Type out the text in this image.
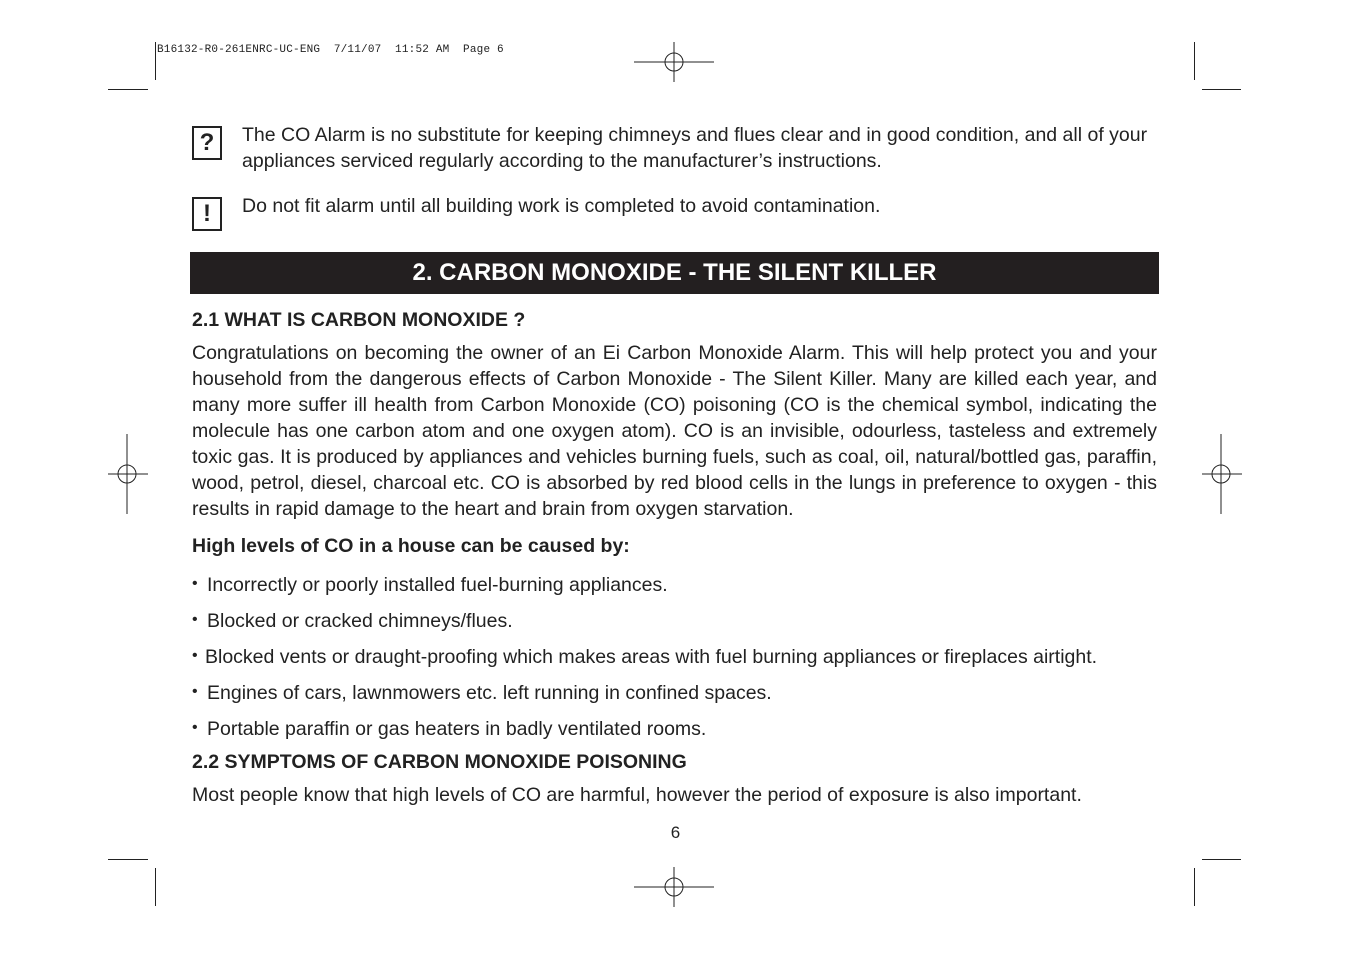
B16132-R0-261ENRC-UC-ENG  7/11/07  11:52 AM  Page 6
?	The CO Alarm is no substitute for keeping chimneys and flues clear and in good condition, and all of your appliances serviced regularly according to the manufacturer’s instructions.
!	Do not fit alarm until all building work is completed to avoid contamination.
2. CARBON MONOXIDE - THE SILENT KILLER
2.1 WHAT IS CARBON MONOXIDE ?
Congratulations on becoming the owner of an Ei Carbon Monoxide Alarm. This will help protect you and your household from the dangerous effects of Carbon Monoxide - The Silent Killer. Many are killed each year, and many more suffer ill health from Carbon Monoxide (CO) poisoning (CO is the chemical symbol, indicating the molecule has one carbon atom and one oxygen atom). CO is an invisible, odourless, tasteless and extremely toxic gas. It is produced by appliances and vehicles burning fuels, such as coal, oil, natural/bottled gas, paraffin, wood, petrol, diesel, charcoal etc. CO is absorbed by red blood cells in the lungs in preference to oxygen - this results in rapid damage to the heart and brain from oxygen starvation.
High levels of CO in a house can be caused by:
• Incorrectly or poorly installed fuel-burning appliances.
• Blocked or cracked chimneys/flues.
• Blocked vents or draught-proofing which makes areas with fuel burning appliances or fireplaces airtight.
• Engines of cars, lawnmowers etc. left running in confined spaces.
• Portable paraffin or gas heaters in badly ventilated rooms.
2.2 SYMPTOMS OF CARBON MONOXIDE POISONING
Most people know that high levels of CO are harmful, however the period of exposure is also important.
6
